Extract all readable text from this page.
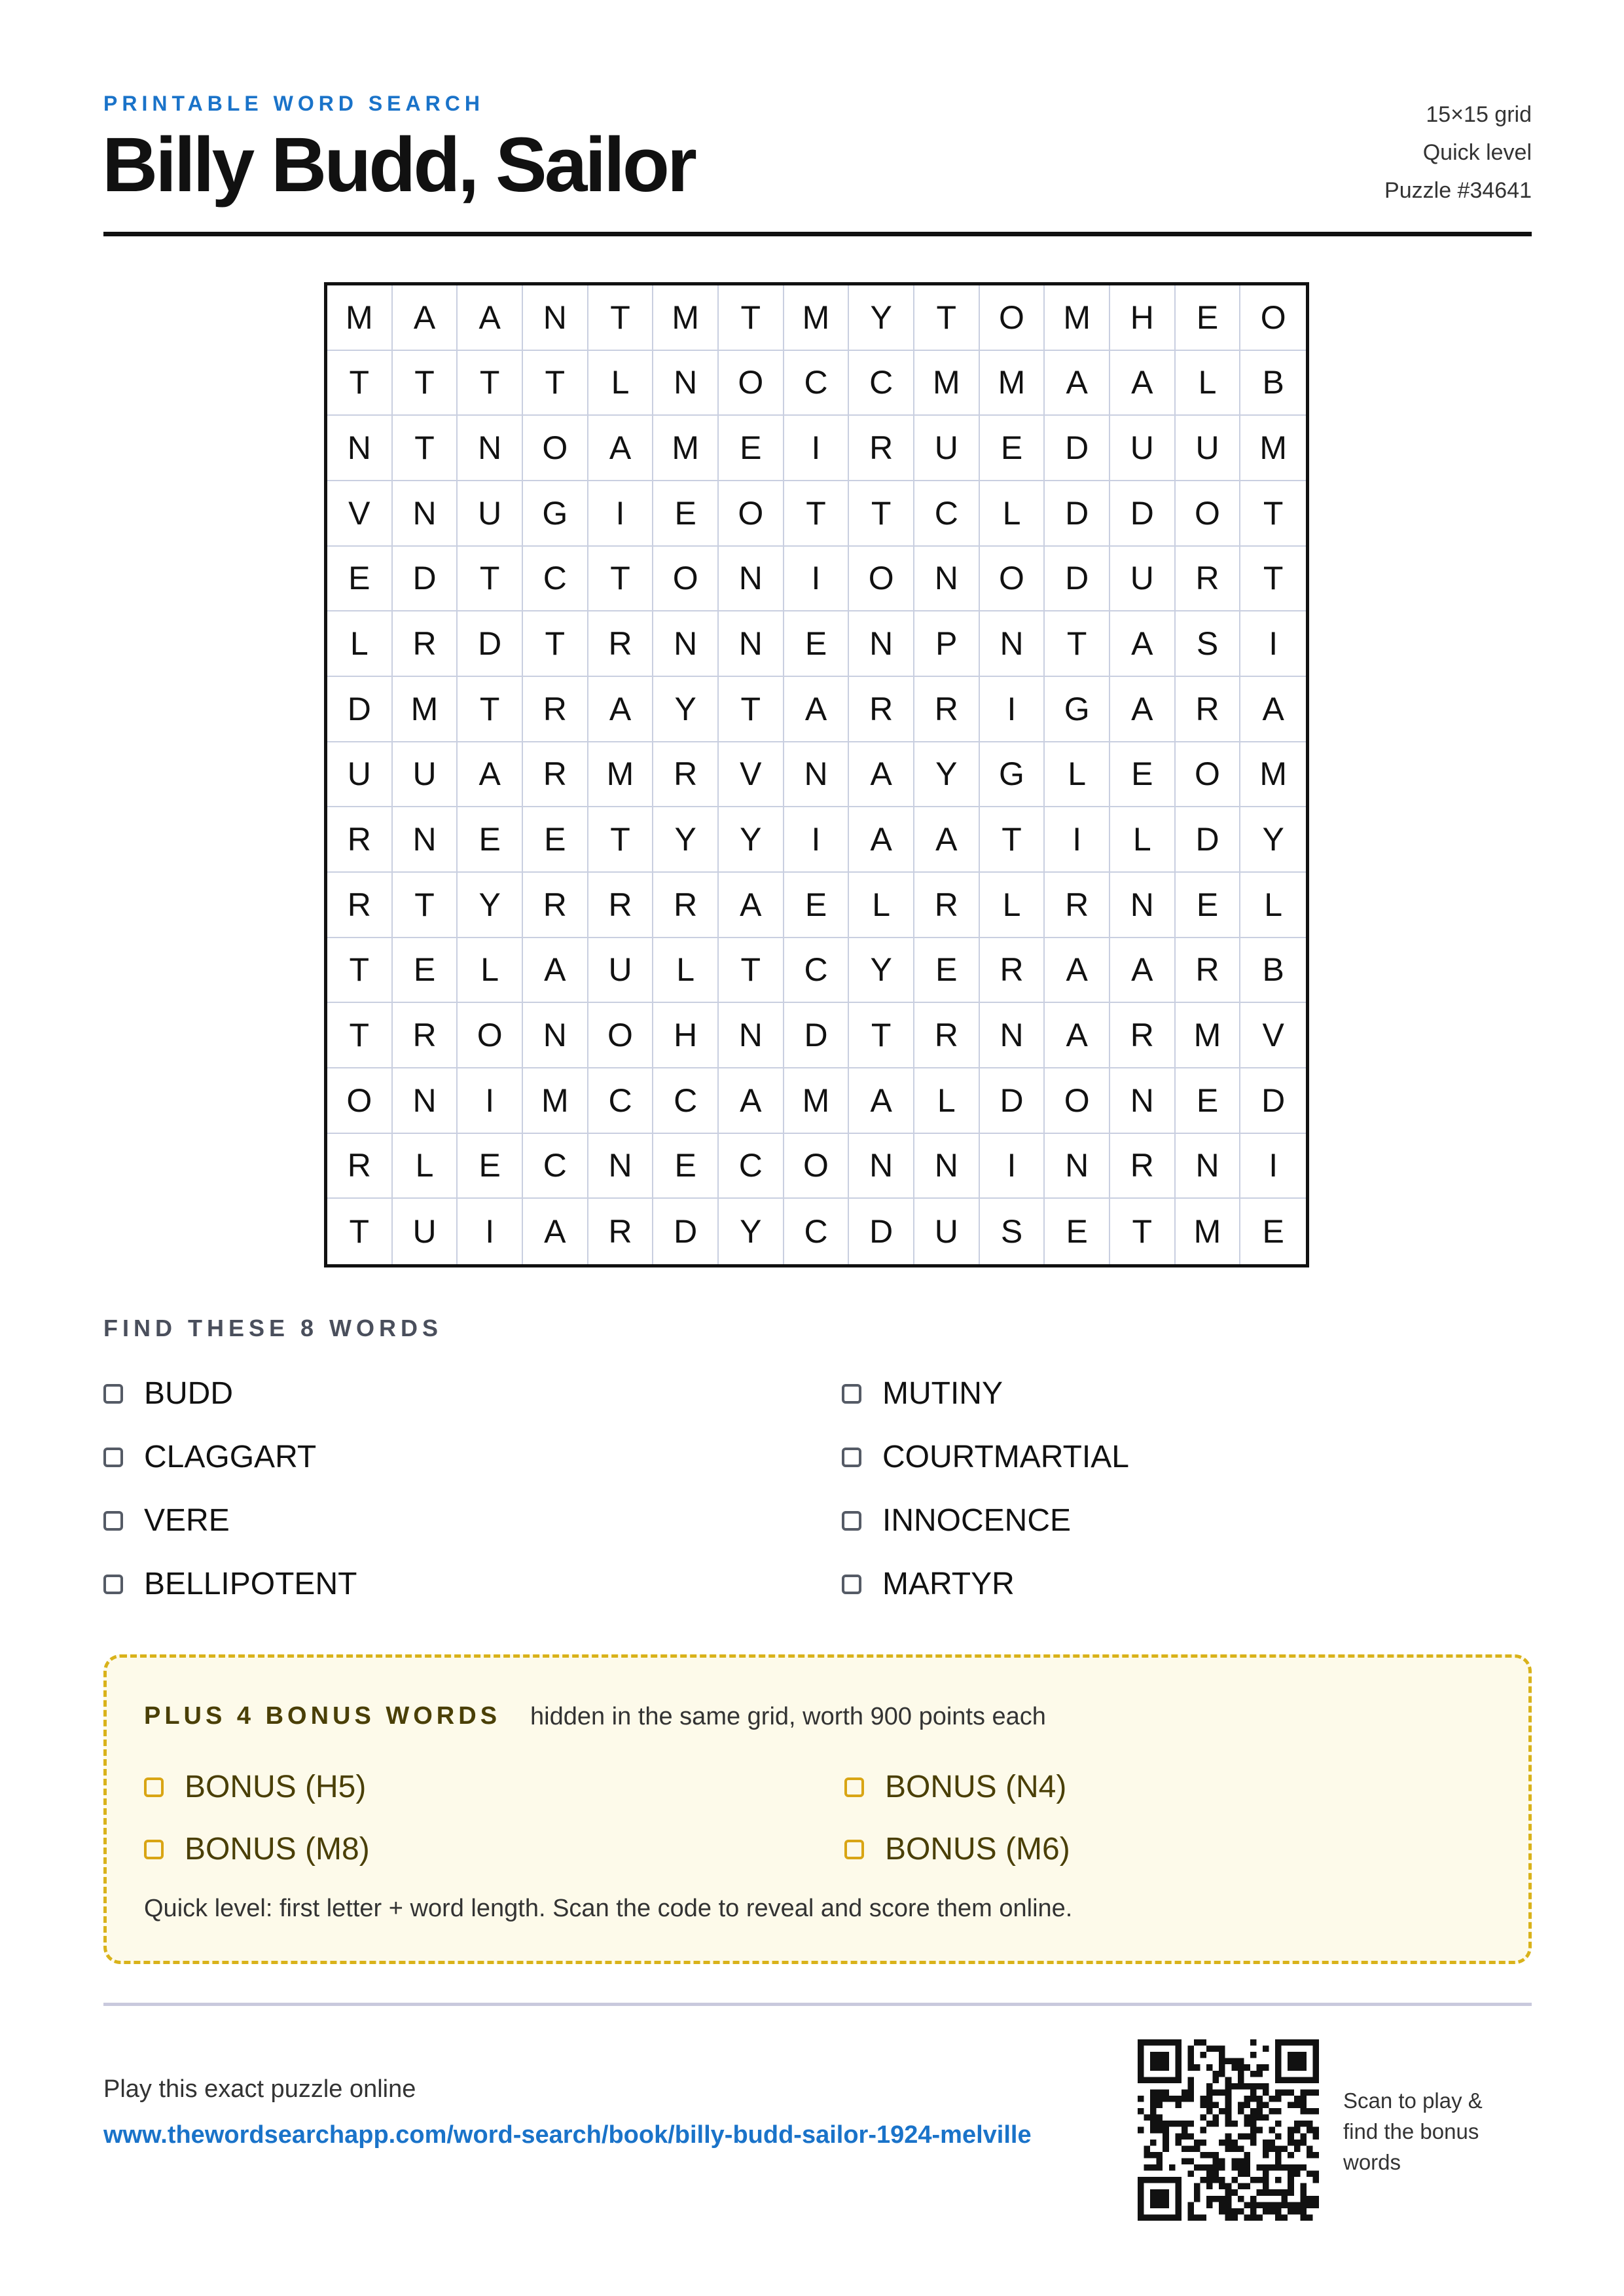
PRINTABLE WORD SEARCH
Billy Budd, Sailor
15×15 grid
Quick level
Puzzle #34641
M	A	A	N	T	M	T	M	Y	T	O	M	H	E	O
T	T	T	T	L	N	O	C	C	M	M	A	A	L	B
N	T	N	O	A	M	E	I	R	U	E	D	U	U	M
V	N	U	G	I	E	O	T	T	C	L	D	D	O	T
E	D	T	C	T	O	N	I	O	N	O	D	U	R	T
L	R	D	T	R	N	N	E	N	P	N	T	A	S	I
D	M	T	R	A	Y	T	A	R	R	I	G	A	R	A
U	U	A	R	M	R	V	N	A	Y	G	L	E	O	M
R	N	E	E	T	Y	Y	I	A	A	T	I	L	D	Y
R	T	Y	R	R	R	A	E	L	R	L	R	N	E	L
T	E	L	A	U	L	T	C	Y	E	R	A	A	R	B
T	R	O	N	O	H	N	D	T	R	N	A	R	M	V
O	N	I	M	C	C	A	M	A	L	D	O	N	E	D
R	L	E	C	N	E	C	O	N	N	I	N	R	N	I
T	U	I	A	R	D	Y	C	D	U	S	E	T	M	E
FIND THESE 8 WORDS
BUDD	MUTINY
CLAGGART	COURTMARTIAL
VERE	INNOCENCE
BELLIPOTENT	MARTYR
PLUS 4 BONUS WORDS hidden in the same grid, worth 900 points each
BONUS (H5)	BONUS (N4)
BONUS (M8)	BONUS (M6)
Quick level: first letter + word length. Scan the code to reveal and score them online.
Play this exact puzzle online
www.thewordsearchapp.com/word-search/book/billy-budd-sailor-1924-melville
Scan to play & find the bonus words
